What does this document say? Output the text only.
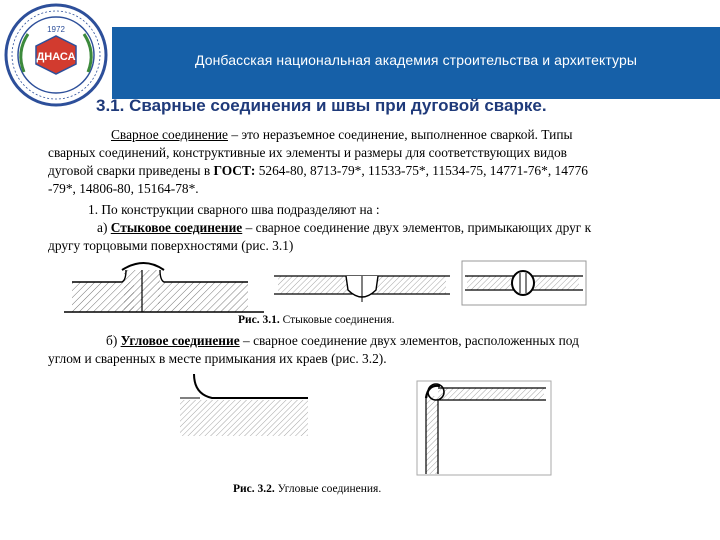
ДНАСА
1972
Донбасская национальная академия строительства и архитектуры
3.1. Сварные соединения и швы при дуговой сварке.
Сварное соединение – это неразъемное соединение, выполненное сваркой. Типы
сварных соединений, конструктивные их элементы и размеры для соответствующих видов
дуговой сварки приведены в ГОСТ: 5264-80, 8713-79*, 11533-75*, 11534-75, 14771-76*, 14776
-79*, 14806-80, 15164-78*.
1. По конструкции сварного шва подразделяют на :
а) Стыковое соединение – сварное соединение двух элементов, примыкающих друг к
другу торцовыми поверхностями (рис. 3.1)
Рис. 3.1. Стыковые соединения.
б) Угловое соединение – сварное соединение двух элементов, расположенных под
углом и сваренных в месте примыкания их краев (рис. 3.2).
Рис. 3.2. Угловые соединения.
